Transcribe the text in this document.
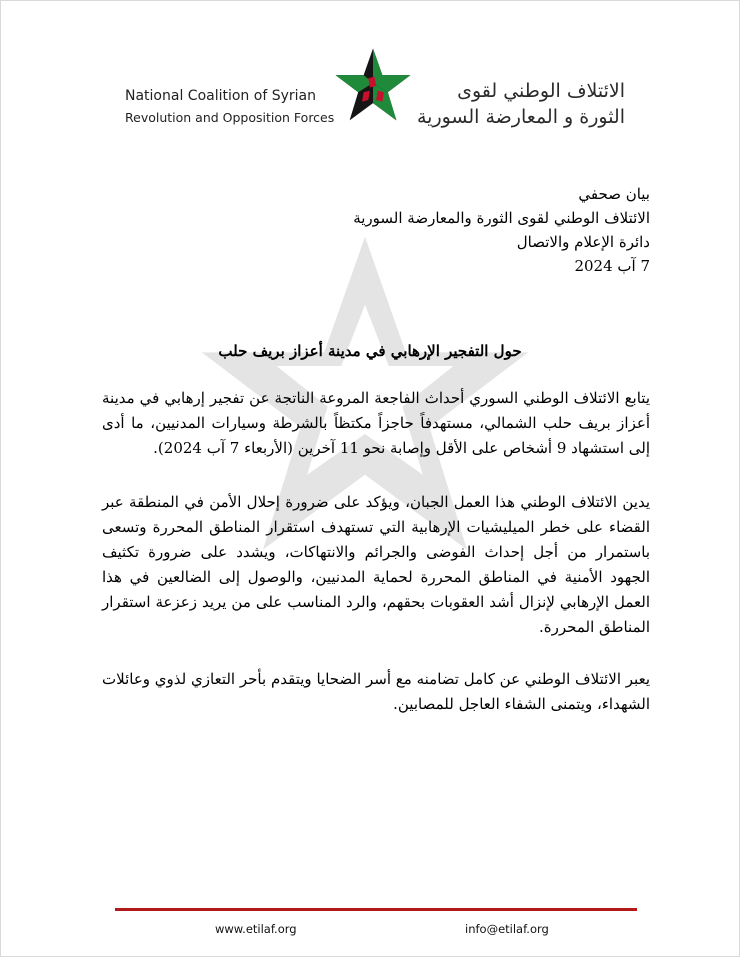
National Coalition of Syrian
Revolution and Opposition Forces
الائتلاف الوطني لقوى
الثورة و المعارضة السورية
بيان صحفي
الائتلاف الوطني لقوى الثورة والمعارضة السورية
دائرة الإعلام والاتصال
7 آب 2024
حول التفجير الإرهابي في مدينة أعزاز بريف حلب
يتابع الائتلاف الوطني السوري أحداث الفاجعة المروعة الناتجة عن تفجير إرهابي في مدينة أعزاز بريف حلب الشمالي، مستهدفاً حاجزاً مكتظاً بالشرطة وسيارات المدنيين، ما أدى إلى استشهاد 9 أشخاص على الأقل وإصابة نحو 11 آخرين (الأربعاء 7 آب 2024).
يدين الائتلاف الوطني هذا العمل الجبان، ويؤكد على ضرورة إحلال الأمن في المنطقة عبر القضاء على خطر الميليشيات الإرهابية التي تستهدف استقرار المناطق المحررة وتسعى باستمرار من أجل إحداث الفوضى والجرائم والانتهاكات، ويشدد على ضرورة تكثيف الجهود الأمنية في المناطق المحررة لحماية المدنيين، والوصول إلى الضالعين في هذا العمل الإرهابي لإنزال أشد العقوبات بحقهم، والرد المناسب على من يريد زعزعة استقرار المناطق المحررة.
يعبر الائتلاف الوطني عن كامل تضامنه مع أسر الضحايا ويتقدم بأحر التعازي لذوي وعائلات الشهداء، ويتمنى الشفاء العاجل للمصابين.
www.etilaf.org	info@etilaf.org
